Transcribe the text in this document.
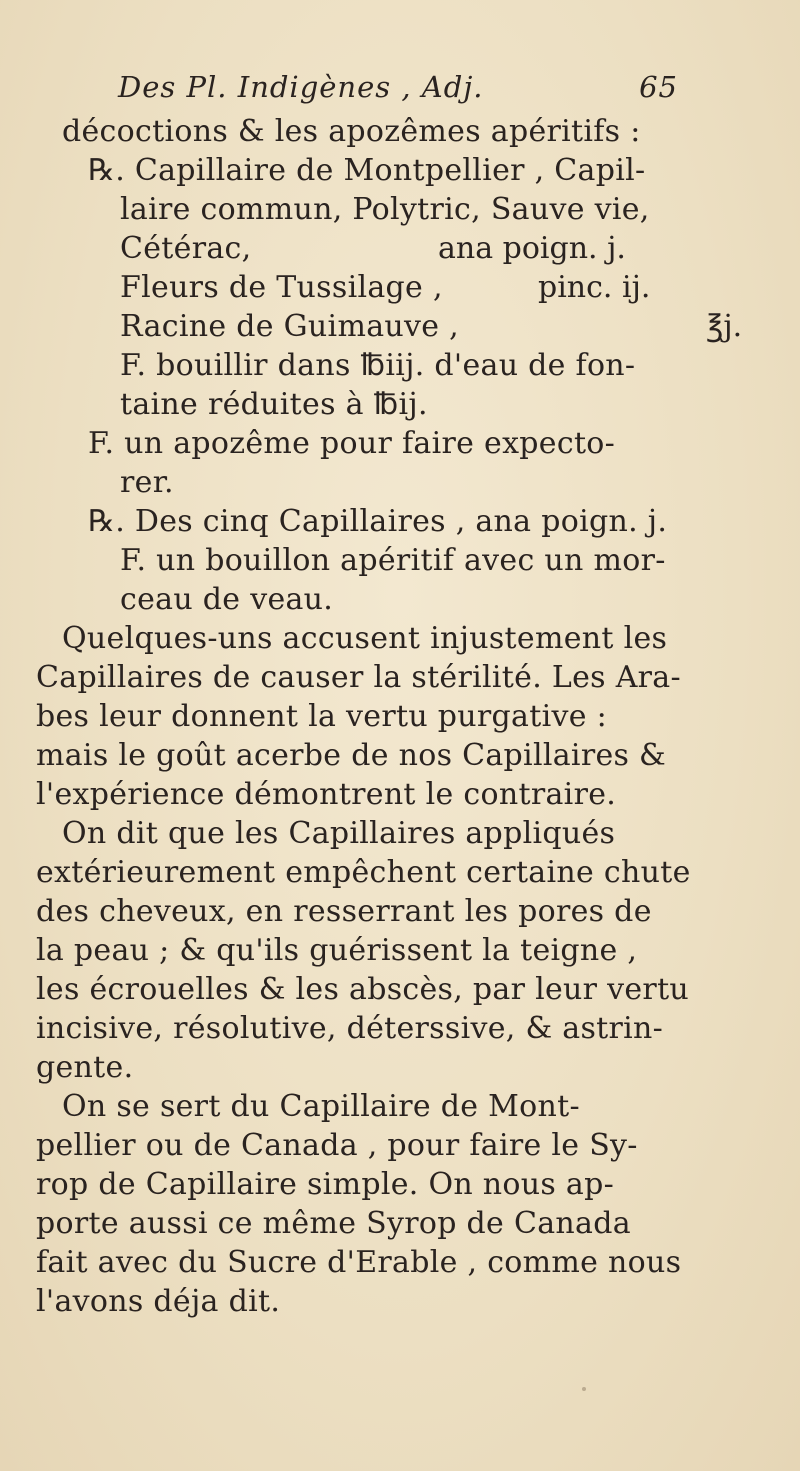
Des Pl. Indigènes , Adj.	65
décoctions & les apozêmes apéritifs :
℞. Capillaire de Montpellier , Capil-
laire commun, Polytric, Sauve vie,
Cétérac,	ana poign. j.
Fleurs de Tussilage ,	pinc. ij.
Racine de Guimauve ,	℥j.
F. bouillir dans ℔iij. d'eau de fon-
taine réduites à ℔ij.
F. un apozême pour faire expecto-
rer.
℞. Des cinq Capillaires , ana poign. j.
F. un bouillon apéritif avec un mor-
ceau de veau.
Quelques-uns accusent injustement les
Capillaires de causer la stérilité. Les Ara-
bes leur donnent la vertu purgative :
mais le goût acerbe de nos Capillaires &
l'expérience démontrent le contraire.
On dit que les Capillaires appliqués
extérieurement empêchent certaine chute
des cheveux, en resserrant les pores de
la peau ; & qu'ils guérissent la teigne ,
les écrouelles & les abscès, par leur vertu
incisive, résolutive, déterssive, & astrin-
gente.
On se sert du Capillaire de Mont-
pellier ou de Canada , pour faire le Sy-
rop de Capillaire simple. On nous ap-
porte aussi ce même Syrop de Canada
fait avec du Sucre d'Erable , comme nous
l'avons déja dit.
